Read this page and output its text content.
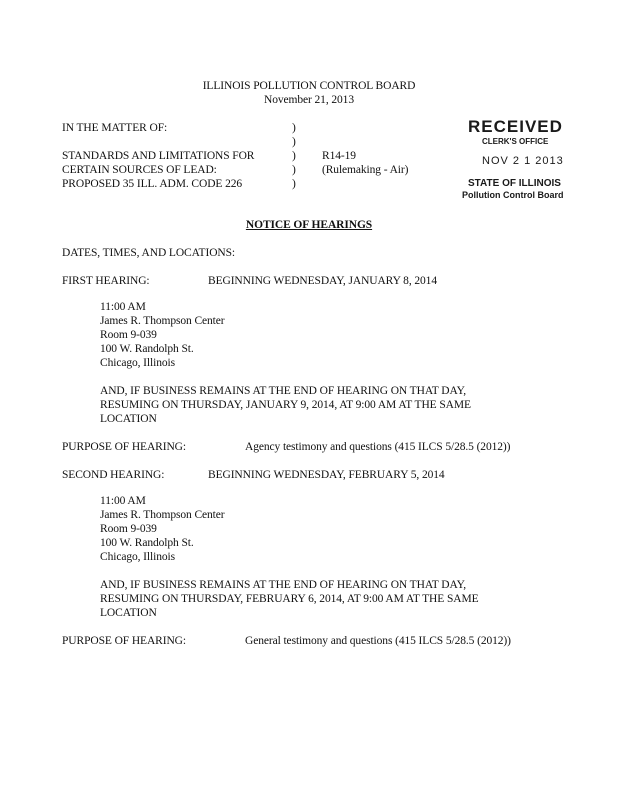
ILLINOIS POLLUTION CONTROL BOARD
November 21, 2013
IN THE MATTER OF:
STANDARDS AND LIMITATIONS FOR
CERTAIN SOURCES OF LEAD:
PROPOSED 35 ILL. ADM. CODE 226
)
)
)
)
)
R14-19
(Rulemaking - Air)
RECEIVED
CLERK'S OFFICE
NOV 2 1 2013
STATE OF ILLINOIS
Pollution Control Board
NOTICE OF HEARINGS
DATES, TIMES, AND LOCATIONS:
FIRST HEARING:	BEGINNING WEDNESDAY, JANUARY 8, 2014
11:00 AM
James R. Thompson Center
Room 9-039
100 W. Randolph St.
Chicago, Illinois
AND, IF BUSINESS REMAINS AT THE END OF HEARING ON THAT DAY,
RESUMING ON THURSDAY, JANUARY 9, 2014, AT 9:00 AM AT THE SAME
LOCATION
PURPOSE OF HEARING:	Agency testimony and questions (415 ILCS 5/28.5 (2012))
SECOND HEARING:	BEGINNING WEDNESDAY, FEBRUARY 5, 2014
11:00 AM
James R. Thompson Center
Room 9-039
100 W. Randolph St.
Chicago, Illinois
AND, IF BUSINESS REMAINS AT THE END OF HEARING ON THAT DAY,
RESUMING ON THURSDAY, FEBRUARY 6, 2014, AT 9:00 AM AT THE SAME
LOCATION
PURPOSE OF HEARING:	General testimony and questions (415 ILCS 5/28.5 (2012))
